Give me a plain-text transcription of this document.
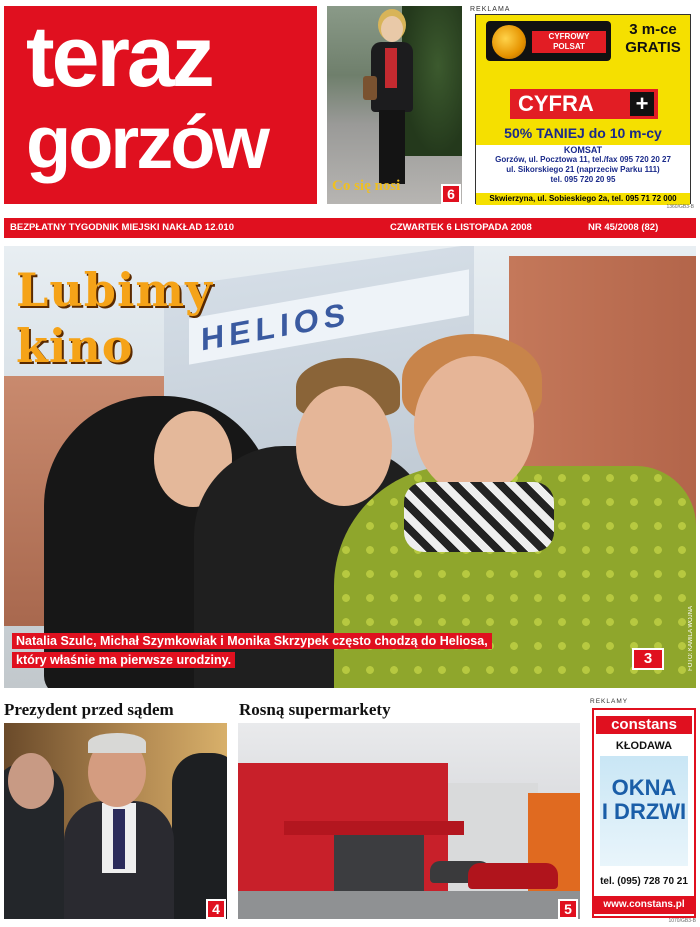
teraz
gorzów
Co się nosi	6
REKLAMA
CYFROWY POLSAT
3 m-ce
GRATIS
CYFRA +
50% TANIEJ do 10 m-cy
KOMSAT
Gorzów, ul. Pocztowa 11, tel./fax 095 720 20 27
ul. Sikorskiego 21 (naprzeciw Parku 111)
tel. 095 720 20 95
Skwierzyna, ul. Sobieskiego 2a, tel. 095 71 72 000
1360/GB3-B
BEZPŁATNY TYGODNIK MIEJSKI NAKŁAD 12.010	CZWARTEK 6 LISTOPADA 2008	NR 45/2008 (82)
HELIOS
Lubimy
kino
Natalia Szulc, Michał Szymkowiak i Monika Skrzypek często chodzą do Heliosa,
który właśnie ma pierwsze urodziny.	3	FOTO: KAMILA WOJNA
Prezydent przed sądem
4
Rosną supermarkety
5
REKLAMY
constans
KŁODAWA
OKNA
I DRZWI
tel. (095) 728 70 21
www.constans.pl
1070/GB3-B
